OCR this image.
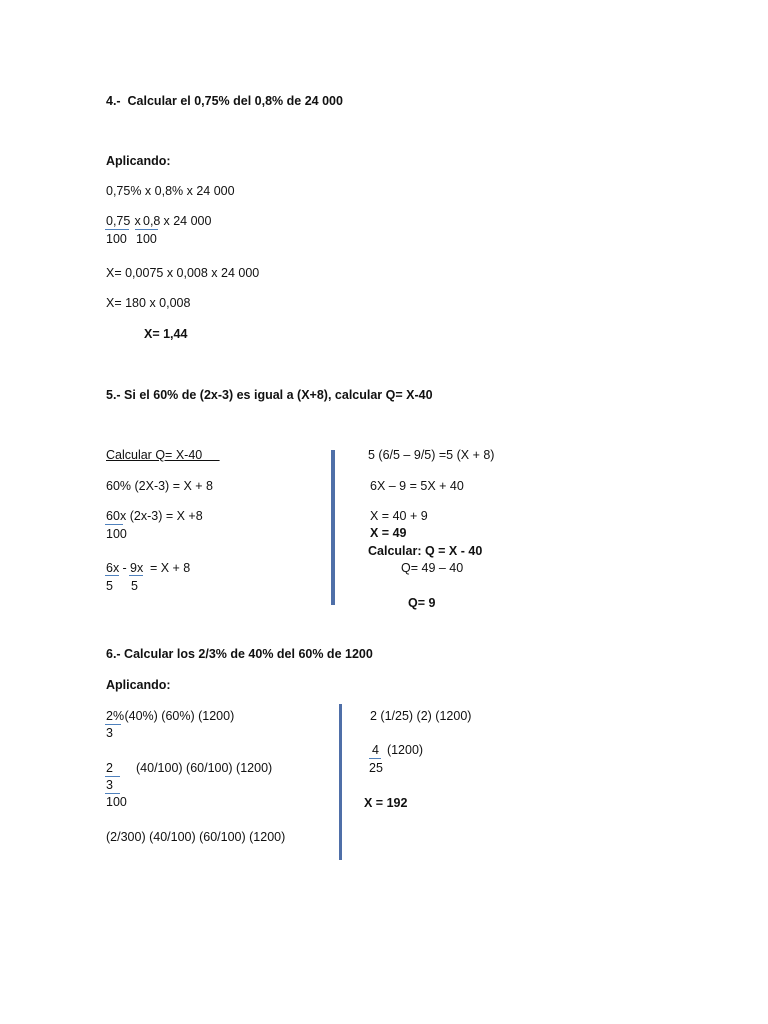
4.-  Calcular el 0,75% del 0,8% de 24 000
Aplicando:
0,75% x 0,8% x 24 000
0,75 x
0,8 x 24 000
100 100
X= 0,0075 x 0,008 x 24 000
X= 180 x 0,008
X= 1,44
5.- Si el 60% de (2x-3) es igual a (X+8), calcular Q= X-40
Calcular Q= X-40
60% (2X-3) = X + 8
60 x (2x-3) = X +8
100
6x - 9x = X + 8
5 5
5 (6/5 – 9/5) =5 (X + 8)
6X – 9 = 5X + 40
X = 40 + 9
X = 49
Calcular: Q = X - 40
Q= 49 – 40
Q= 9
6.- Calcular los 2/3% de 40% del 60% de 1200
Aplicando:
2%
(40%) (60%) (1200)
3
2 (40/100) (60/100) (1200)
3
100
(2/300) (40/100) (60/100) (1200)
2 (1/25) (2) (1200)
4 (1200)
25
X = 192
